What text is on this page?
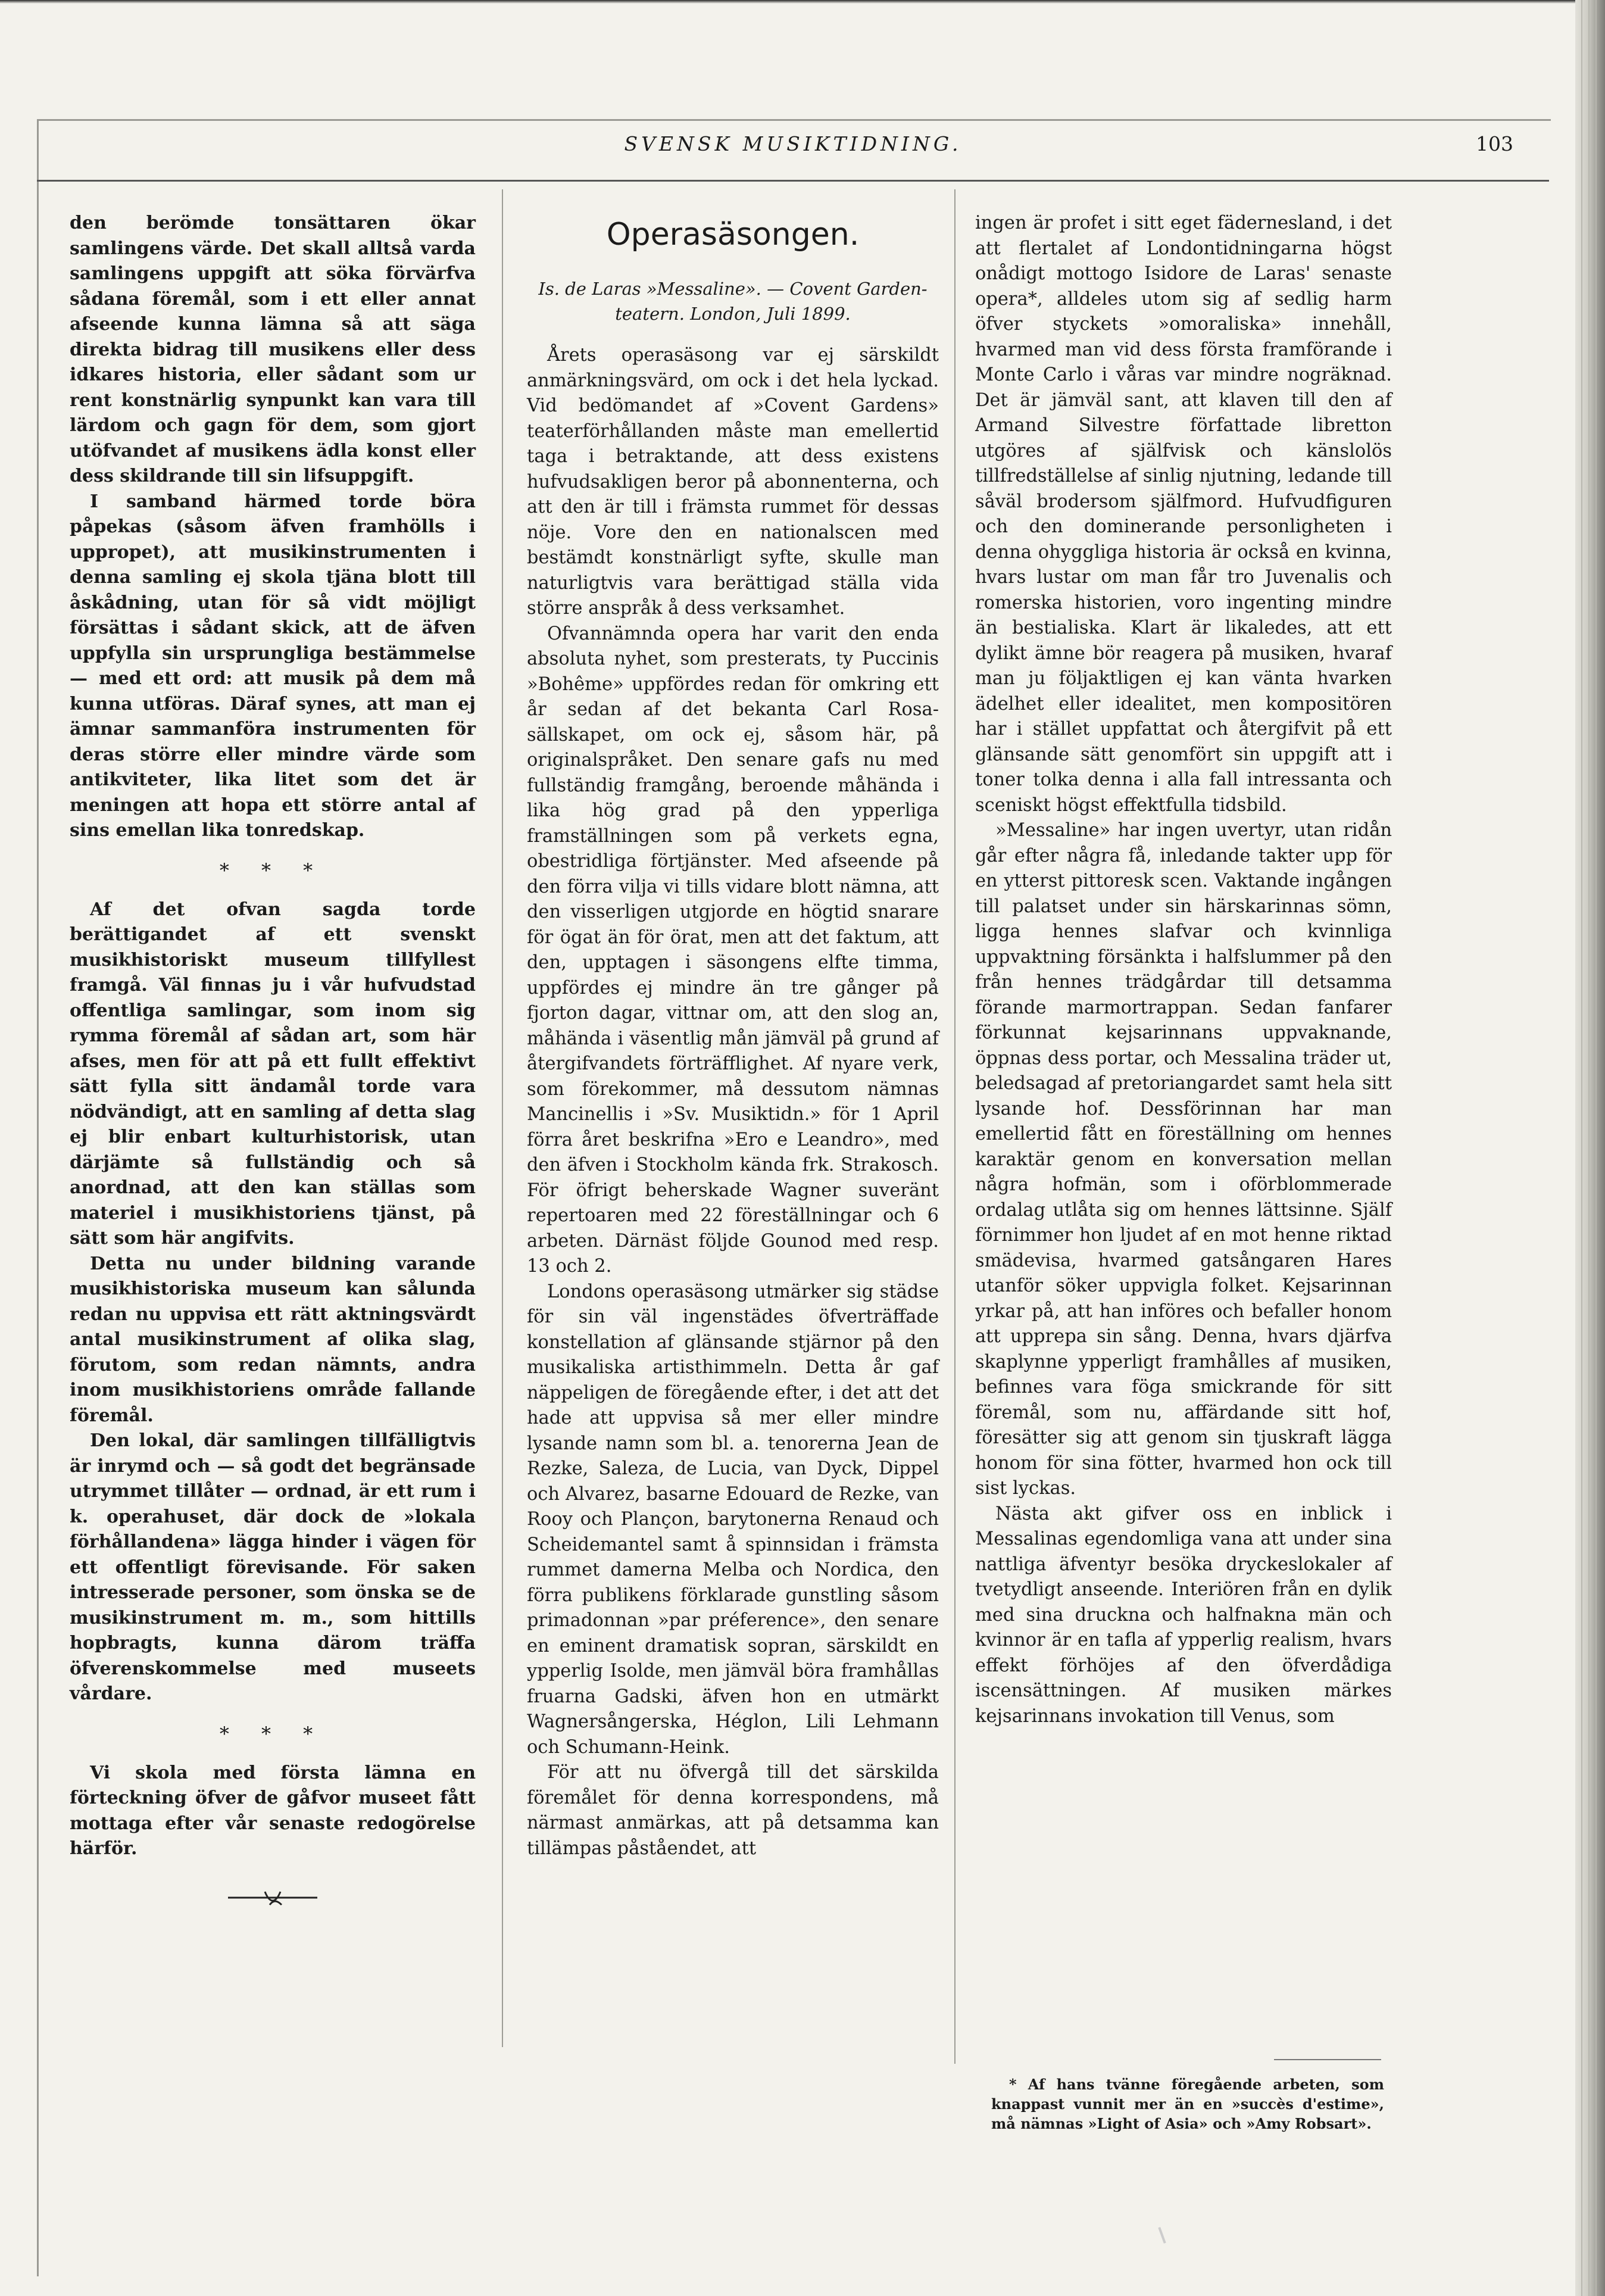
SVENSK MUSIKTIDNING.	103

den berömde tonsättaren ökar samlingens värde. Det skall alltså varda samlingens uppgift att söka förvärfva sådana föremål, som i ett eller annat afseende kunna lämna så att säga direkta bidrag till musikens eller dess idkares historia, eller sådant som ur rent konstnärlig synpunkt kan vara till lärdom och gagn för dem, som gjort utöfvandet af musikens ädla konst eller dess skildrande till sin lifsuppgift.

I samband härmed torde böra påpekas (såsom äfven framhölls i uppropet), att musikinstrumenten i denna samling ej skola tjäna blott till åskådning, utan för så vidt möjligt försättas i sådant skick, att de äfven uppfylla sin ursprungliga bestämmelse — med ett ord: att musik på dem må kunna utföras. Däraf synes, att man ej ämnar sammanföra instrumenten för deras större eller mindre värde som antikviteter, lika litet som det är meningen att hopa ett större antal af sins emellan lika tonredskap.

* * *

Af det ofvan sagda torde berättigandet af ett svenskt musikhistoriskt museum tillfyllest framgå. Väl finnas ju i vår hufvudstad offentliga samlingar, som inom sig rymma föremål af sådan art, som här afses, men för att på ett fullt effektivt sätt fylla sitt ändamål torde vara nödvändigt, att en samling af detta slag ej blir enbart kulturhistorisk, utan därjämte så fullständig och så anordnad, att den kan ställas som materiel i musikhistoriens tjänst, på sätt som här angifvits.

Detta nu under bildning varande musikhistoriska museum kan sålunda redan nu uppvisa ett rätt aktningsvärdt antal musikinstrument af olika slag, förutom, som redan nämnts, andra inom musikhistoriens område fallande föremål.

Den lokal, där samlingen tillfälligtvis är inrymd och — så godt det begränsade utrymmet tillåter — ordnad, är ett rum i k. operahuset, där dock de »lokala förhållandena» lägga hinder i vägen för ett offentligt förevisande. För saken intresserade personer, som önska se de musikinstrument m. m., som hittills hopbragts, kunna därom träffa öfverenskommelse med museets vårdare.

* * *

Vi skola med första lämna en förteckning öfver de gåfvor museet fått mottaga efter vår senaste redogörelse härför.

Operasäsongen.
Is. de Laras »Messaline». — Covent Garden-teatern. London, Juli 1899.

Årets operasäsong var ej särskildt anmärkningsvärd, om ock i det hela lyckad. Vid bedömandet af »Covent Gardens» teaterförhållanden måste man emellertid taga i betraktande, att dess existens hufvudsakligen beror på abonnenterna, och att den är till i främsta rummet för dessas nöje. Vore den en nationalscen med bestämdt konstnärligt syfte, skulle man naturligtvis vara berättigad ställa vida större anspråk å dess verksamhet.

Ofvannämnda opera har varit den enda absoluta nyhet, som presterats, ty Puccinis »Bohême» uppfördes redan för omkring ett år sedan af det bekanta Carl Rosa-sällskapet, om ock ej, såsom här, på originalspråket. Den senare gafs nu med fullständig framgång, beroende måhända i lika hög grad på den ypperliga framställningen som på verkets egna, obestridliga förtjänster. Med afseende på den förra vilja vi tills vidare blott nämna, att den visserligen utgjorde en högtid snarare för ögat än för örat, men att det faktum, att den, upptagen i säsongens elfte timma, uppfördes ej mindre än tre gånger på fjorton dagar, vittnar om, att den slog an, måhända i väsentlig mån jämväl på grund af återgifvandets förträfflighet. Af nyare verk, som förekommer, må dessutom nämnas Mancinellis i »Sv. Musiktidn.» för 1 April förra året beskrifna »Ero e Leandro», med den äfven i Stockholm kända frk. Strakosch. För öfrigt beherskade Wagner suveränt repertoaren med 22 föreställningar och 6 arbeten. Därnäst följde Gounod med resp. 13 och 2.

Londons operasäsong utmärker sig städse för sin väl ingenstädes öfverträffade konstellation af glänsande stjärnor på den musikaliska artisthimmeln. Detta år gaf näppeligen de föregående efter, i det att det hade att uppvisa så mer eller mindre lysande namn som bl. a. tenorerna Jean de Rezke, Saleza, de Lucia, van Dyck, Dippel och Alvarez, basarne Edouard de Rezke, van Rooy och Plançon, barytonerna Renaud och Scheidemantel samt å spinnsidan i främsta rummet damerna Melba och Nordica, den förra publikens förklarade gunstling såsom primadonnan »par préference», den senare en eminent dramatisk sopran, särskildt en ypperlig Isolde, men jämväl böra framhållas fruarna Gadski, äfven hon en utmärkt Wagnersångerska, Héglon, Lili Lehmann och Schumann-Heink.

För att nu öfvergå till det särskilda föremålet för denna korrespondens, må närmast anmärkas, att på detsamma kan tillämpas påståendet, att

ingen är profet i sitt eget fädernesland, i det att flertalet af Londontidningarna högst onådigt mottogo Isidore de Laras' senaste opera*, alldeles utom sig af sedlig harm öfver styckets »omoraliska» innehåll, hvarmed man vid dess första framförande i Monte Carlo i våras var mindre nogräknad. Det är jämväl sant, att klaven till den af Armand Silvestre författade libretton utgöres af själfvisk och känslolös tillfredställelse af sinlig njutning, ledande till såväl brodersom själfmord. Hufvudfiguren och den dominerande personligheten i denna ohyggliga historia är också en kvinna, hvars lustar om man får tro Juvenalis och romerska historien, voro ingenting mindre än bestialiska. Klart är likaledes, att ett dylikt ämne bör reagera på musiken, hvaraf man ju följaktligen ej kan vänta hvarken ädelhet eller idealitet, men kompositören har i stället uppfattat och återgifvit på ett glänsande sätt genomfört sin uppgift att i toner tolka denna i alla fall intressanta och sceniskt högst effektfulla tidsbild.

»Messaline» har ingen uvertyr, utan ridån går efter några få, inledande takter upp för en ytterst pittoresk scen. Vaktande ingången till palatset under sin härskarinnas sömn, ligga hennes slafvar och kvinnliga uppvaktning försänkta i halfslummer på den från hennes trädgårdar till detsamma förande marmortrappan. Sedan fanfarer förkunnat kejsarinnans uppvaknande, öppnas dess portar, och Messalina träder ut, beledsagad af pretoriangardet samt hela sitt lysande hof. Dessförinnan har man emellertid fått en föreställning om hennes karaktär genom en konversation mellan några hofmän, som i oförblommerade ordalag utlåta sig om hennes lättsinne. Själf förnimmer hon ljudet af en mot henne riktad smädevisa, hvarmed gatsångaren Hares utanför söker uppvigla folket. Kejsarinnan yrkar på, att han införes och befaller honom att upprepa sin sång. Denna, hvars djärfva skaplynne ypperligt framhålles af musiken, befinnes vara föga smickrande för sitt föremål, som nu, affärdande sitt hof, föresätter sig att genom sin tjuskraft lägga honom för sina fötter, hvarmed hon ock till sist lyckas.

Nästa akt gifver oss en inblick i Messalinas egendomliga vana att under sina nattliga äfventyr besöka dryckeslokaler af tvetydligt anseende. Interiören från en dylik med sina druckna och halfnakna män och kvinnor är en tafla af ypperlig realism, hvars effekt förhöjes af den öfverdådiga iscensättningen. Af musiken märkes kejsarinnans invokation till Venus, som

* Af hans tvänne föregående arbeten, som knappast vunnit mer än en »succès d'estime», må nämnas »Light of Asia» och »Amy Robsart».
